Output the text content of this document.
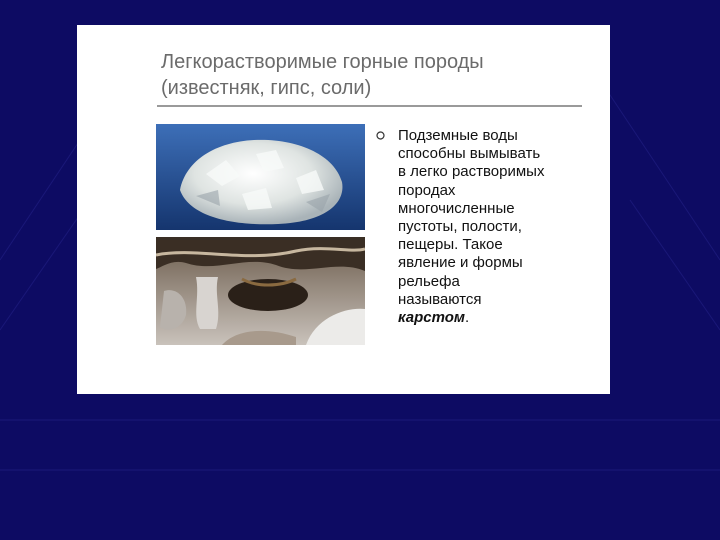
Легкорастворимые горные породы
(известняк, гипс, соли)
Подземные воды
способны вымывать
в легко растворимых
породах
многочисленные
пустоты, полости,
пещеры. Такое
явление и формы
рельефа
называются
карстом.
